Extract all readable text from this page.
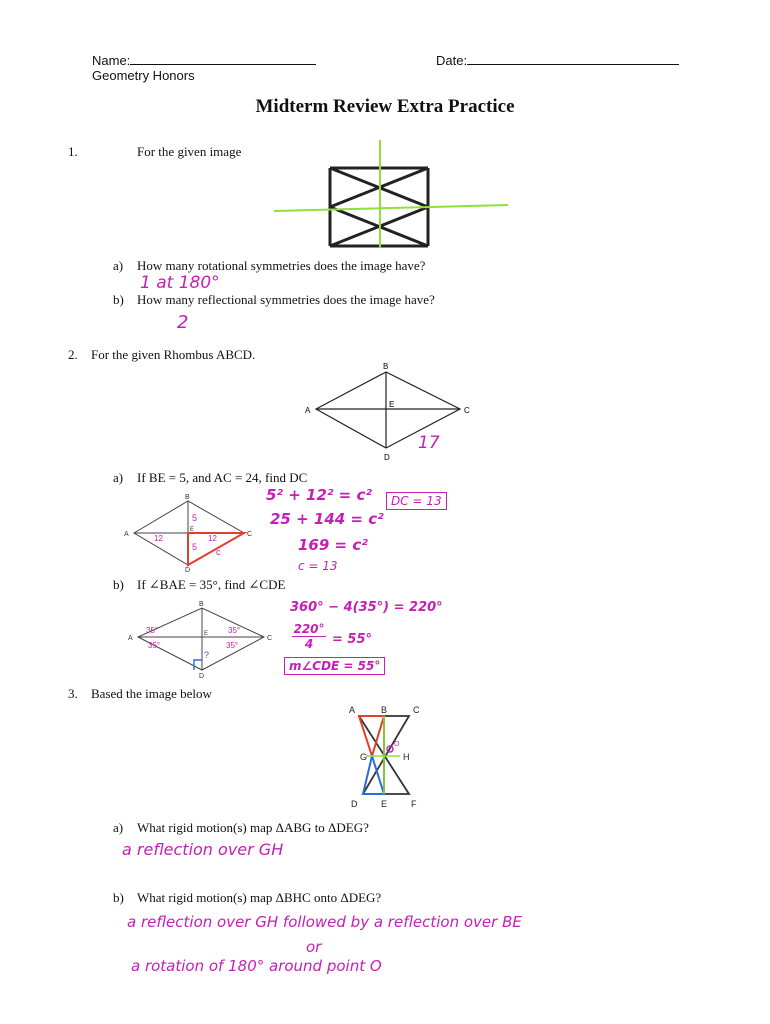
Name:	Date:
Geometry Honors
Midterm Review Extra Practice
1.	For the given image
a) How many rotational symmetries does the image have?
1 at 180°
b) How many reflectional symmetries does the image have?
2
2. For the given Rhombus ABCD.
A
B
C
D
E
17
a) If BE = 5, and AC = 24, find DC
A
B
C
D
E
5
5
12	12
c
5² + 12² = c²
25 + 144 = c²
169 = c²
c = 13
DC = 13
b) If ∠BAE = 35°, find ∠CDE
A
B
C
D
E
35°
35°
35°
35°
?
360° − 4(35°) = 220°
$\frac{220^\circ}{4} = 55^\circ$
m∠CDE = 55°
3. Based the image below
A	B	C
D	E	F
G	H
O
a) What rigid motion(s) map ΔABG to ΔDEG?
a reflection over GH
b) What rigid motion(s) map ΔBHC onto ΔDEG?
a reflection over GH followed by a reflection over BE
or
a rotation of 180° around point O
